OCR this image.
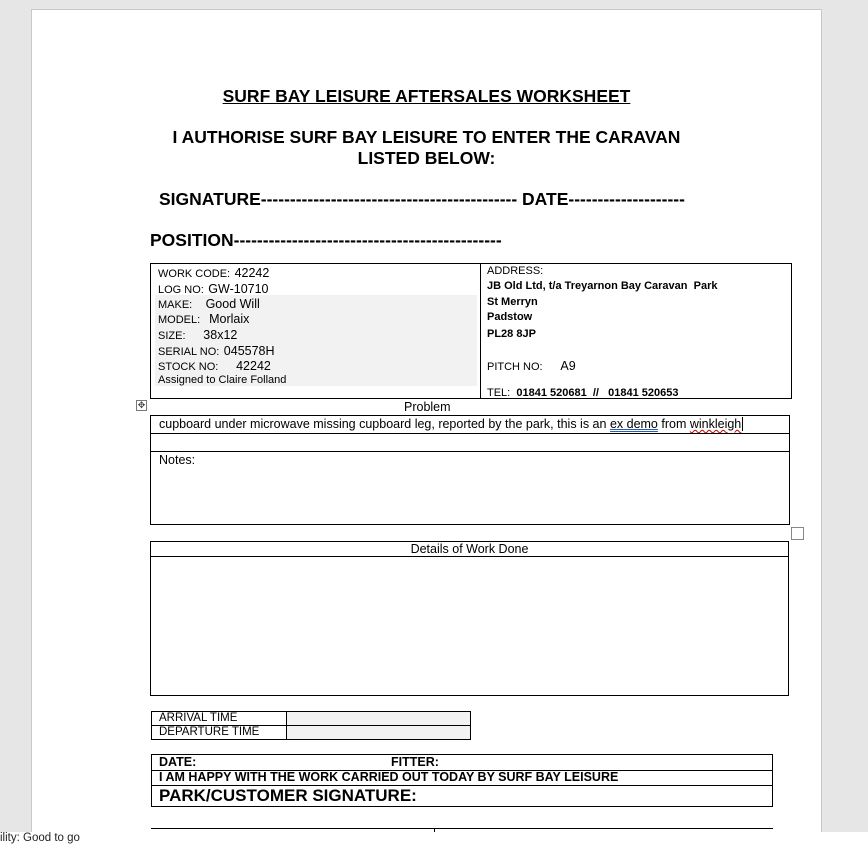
SURF BAY LEISURE AFTERSALES WORKSHEET
I AUTHORISE SURF BAY LEISURE TO ENTER THE CARAVAN
LISTED BELOW:
SIGNATURE-------------------------------------------- DATE--------------------
POSITION----------------------------------------------
WORK CODE: 42242
LOG NO: GW-10710
MAKE: Good Will
MODEL: Morlaix
SIZE: 38x12
SERIAL NO: 045578H
STOCK NO: 42242
Assigned to Claire Folland
ADDRESS:
JB Old Ltd, t/a Treyarnon Bay Caravan  Park
St Merryn
Padstow
PL28 8JP
PITCH NO: A9
TEL: 01841 520681  //   01841 520653
✥	Problem
cupboard under microwave missing cupboard leg, reported by the park, this is an ex demo from winkleigh
Notes:
Details of Work Done
ARRIVAL TIME
DEPARTURE TIME
DATE:	FITTER:
I AM HAPPY WITH THE WORK CARRIED OUT TODAY BY SURF BAY LEISURE
PARK/CUSTOMER SIGNATURE:
ility: Good to go
